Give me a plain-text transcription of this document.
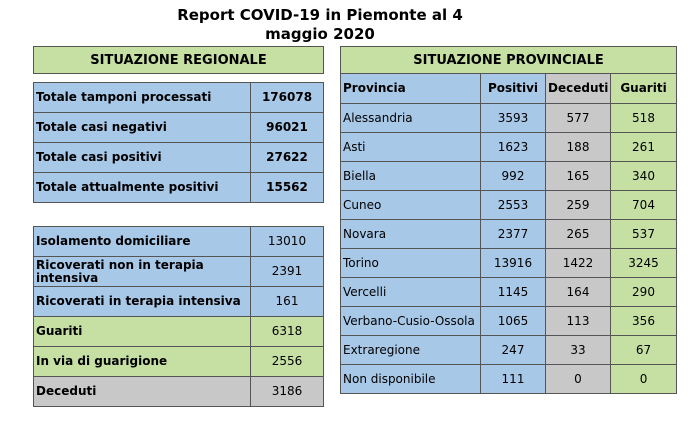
Report COVID-19 in Piemonte al 4 maggio 2020
SITUAZIONE REGIONALE	

Totale tamponi processati	176078
Totale casi negativi	96021
Totale casi positivi	27622
Totale attualmente positivi	15562
Isolamento domiciliare	13010
Ricoverati non in terapia intensiva	2391
Ricoverati in terapia intensiva	161
Guariti	6318
In via di guarigione	2556
Deceduti	3186
SITUAZIONE PROVINCIALE			
Provincia	Positivi	Deceduti	Guariti
Alessandria	3593	577	518
Asti	1623	188	261
Biella	992	165	340
Cuneo	2553	259	704
Novara	2377	265	537
Torino	13916	1422	3245
Vercelli	1145	164	290
Verbano-Cusio-Ossola	1065	113	356
Extraregione	247	33	67
Non disponibile	111	0	0
